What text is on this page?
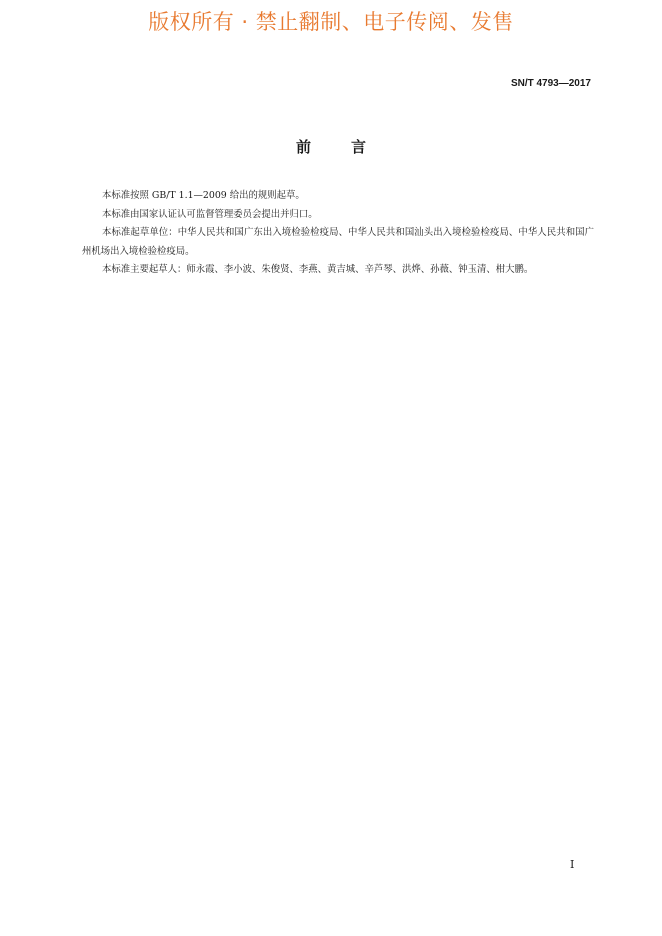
版权所有 · 禁止翻制、电子传阅、发售
SN/T 4793—2017
前言

本标准按照 GB/T 1.1—2009 给出的规则起草。

本标准由国家认证认可监督管理委员会提出并归口。

本标准起草单位：中华人民共和国广东出入境检验检疫局、中华人民共和国汕头出入境检验检疫局、中华人民共和国广州机场出入境检验检疫局。

本标准主要起草人：师永霞、李小波、朱俊贤、李燕、黄吉城、辛芦琴、洪烨、孙薇、钟玉清、柑大鹏。

I
